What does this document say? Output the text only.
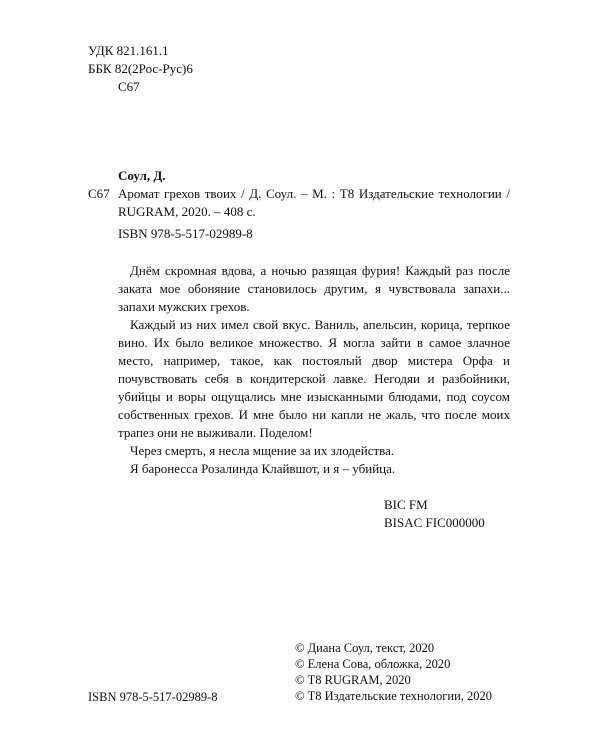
УДК 821.161.1
ББК 82(2Рос-Рус)6
С67
Соул, Д.
С67 Аромат грехов твоих / Д. Соул. – М. : Т8 Издательские технологии / RUGRAM, 2020. – 408 с.
ISBN 978-5-517-02989-8

Днём скромная вдова, а ночью разящая фурия! Каждый раз после заката мое обоняние становилось другим, я чувствовала запахи... запахи мужских грехов.

Каждый из них имел свой вкус. Ваниль, апельсин, корица, терпкое вино. Их было великое множество. Я могла зайти в самое злачное место, например, такое, как постоялый двор мистера Орфа и почувствовать себя в кондитерской лавке. Негодяи и разбойники, убийцы и воры ощущались мне изысканными блюдами, под соусом собственных грехов. И мне было ни капли не жаль, что после моих трапез они не выживали. Поделом!

Через смерть, я несла мщение за их злодейства.

Я баронесса Розалинда Клайвшот, и я – убийца.

BIC FM
BISAC FIC000000
© Диана Соул, текст, 2020
© Елена Сова, обложка, 2020
© Т8 RUGRAM, 2020
© Т8 Издательские технологии, 2020
ISBN 978-5-517-02989-8
